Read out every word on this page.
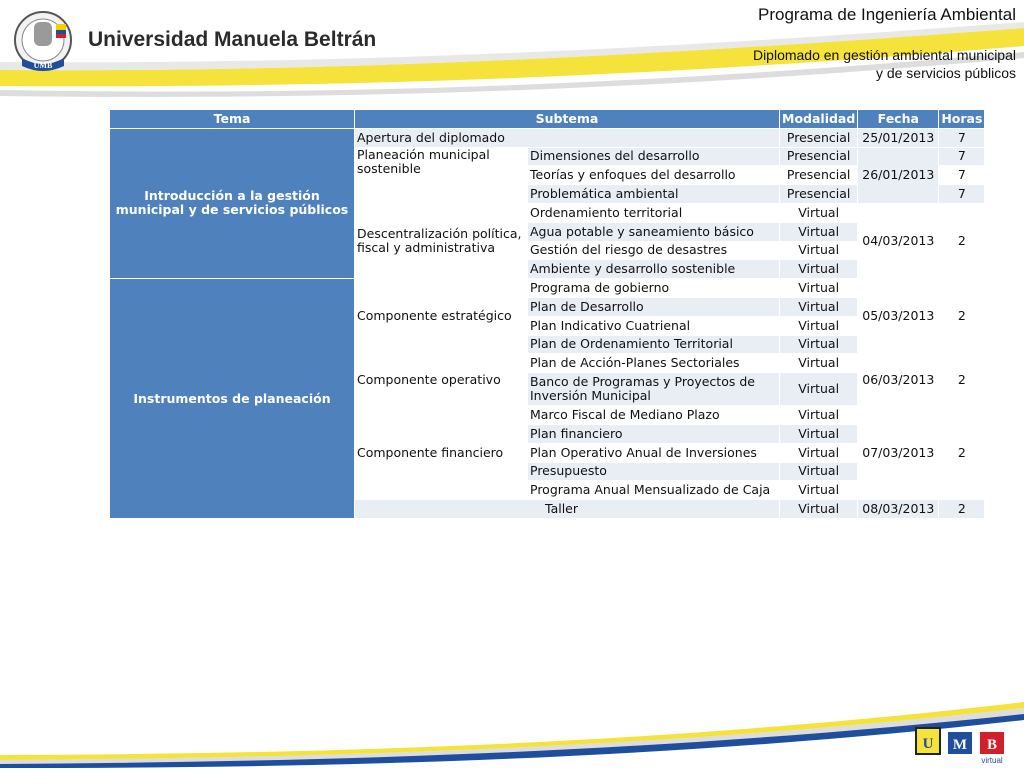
UMB
Universidad Manuela Beltrán
Programa de Ingeniería Ambiental
Diplomado en gestión ambiental municipal
y de servicios públicos
Tema	Subtema		Modalidad	Fecha	Horas
Introducción a la gestión municipal y de servicios públicos	Apertura del diplomado		Presencial	25/01/2013	7
	Planeación municipal sostenible	Dimensiones del desarrollo	Presencial	26/01/2013	7
		Teorías y enfoques del desarrollo	Presencial		7
		Problemática ambiental	Presencial		7
	Descentralización política, fiscal y administrativa	Ordenamiento territorial	Virtual	04/03/2013	2
		Agua potable y saneamiento básico	Virtual		
		Gestión del riesgo de desastres	Virtual		
		Ambiente y desarrollo sostenible	Virtual		
Instrumentos de planeación	Componente estratégico	Programa de gobierno	Virtual	05/03/2013	2
		Plan de Desarrollo	Virtual		
		Plan Indicativo Cuatrienal	Virtual		
		Plan de Ordenamiento Territorial	Virtual		
	Componente operativo	Plan de Acción-Planes Sectoriales	Virtual	06/03/2013	2
		Banco de Programas y Proyectos de Inversión Municipal	Virtual		
	Componente financiero	Marco Fiscal de Mediano Plazo	Virtual	07/03/2013	2
		Plan financiero	Virtual		
		Plan Operativo Anual de Inversiones	Virtual		
		Presupuesto	Virtual		
		Programa Anual Mensualizado de Caja	Virtual		
	Taller		Virtual	08/03/2013	2
U M B
virtual
